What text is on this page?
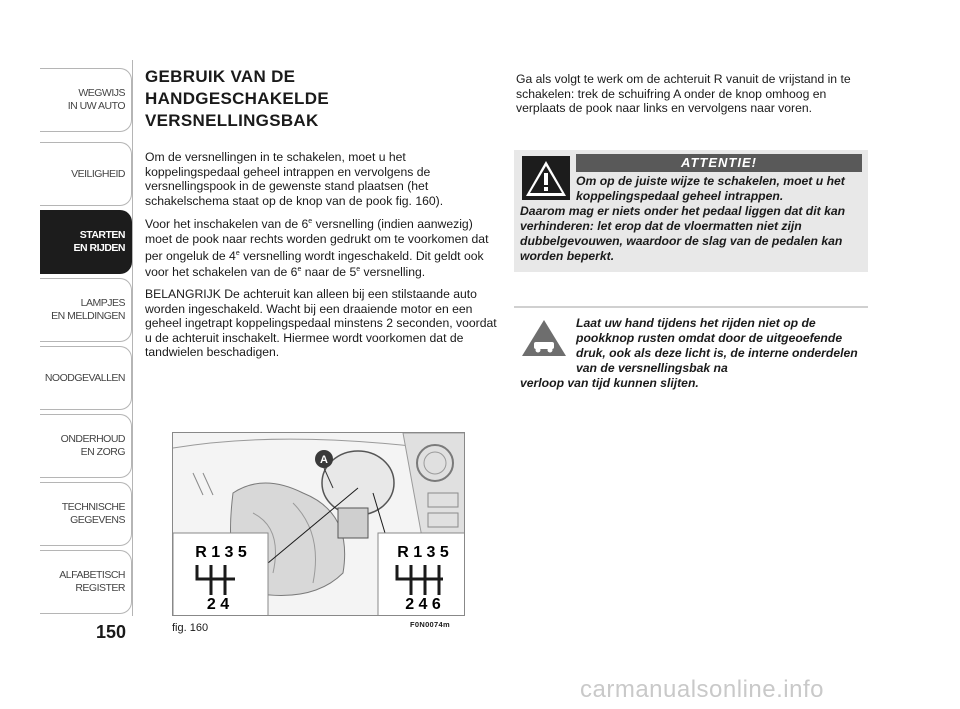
WEGWIJS
IN UW AUTO
VEILIGHEID
STARTEN
EN RIJDEN
LAMPJES
EN MELDINGEN
NOODGEVALLEN
ONDERHOUD
EN ZORG
TECHNISCHE
GEGEVENS
ALFABETISCH
REGISTER
150
GEBRUIK VAN DE
HANDGESCHAKELDE
VERSNELLINGSBAK

Om de versnellingen in te schakelen, moet u het koppelingspedaal geheel intrappen en vervolgens de versnellingspook in de gewenste stand plaatsen (het schakelschema staat op de knop van de pook fig. 160).

Voor het inschakelen van de 6e versnelling (indien aanwezig) moet de pook naar rechts worden gedrukt om te voorkomen dat per ongeluk de 4e versnelling wordt ingeschakeld. Dit geldt ook voor het schakelen van de 6e naar de 5e versnelling.

BELANGRIJK De achteruit kan alleen bij een stilstaande auto worden ingeschakeld. Wacht bij een draaiende motor en een geheel ingetrapt koppelingspedaal minstens 2 seconden, voordat u de achteruit inschakelt. Hiermee wordt voorkomen dat de tandwielen beschadigen.

Ga als volgt te werk om de achteruit R vanuit de vrijstand in te schakelen: trek de schuifring A onder de knop omhoog en verplaats de pook naar links en vervolgens naar voren.
ATTENTIE!
Om op de juiste wijze te schakelen, moet u het koppelingspedaal geheel intrappen.
Daarom mag er niets onder het pedaal liggen dat dit kan verhinderen: let erop dat de vloermatten niet zijn dubbelgevouwen, waardoor de slag van de pedalen kan worden beperkt.
Laat uw hand tijdens het rijden niet op de pookknop rusten omdat door de uitgeoefende druk, ook als deze licht is, de interne onderdelen van de versnellingsbak na
verloop van tijd kunnen slijten.
A
R 1 3 5
2 4
R 1 3 5
2 4 6
fig. 160	F0N0074m
carmanualsonline.info
